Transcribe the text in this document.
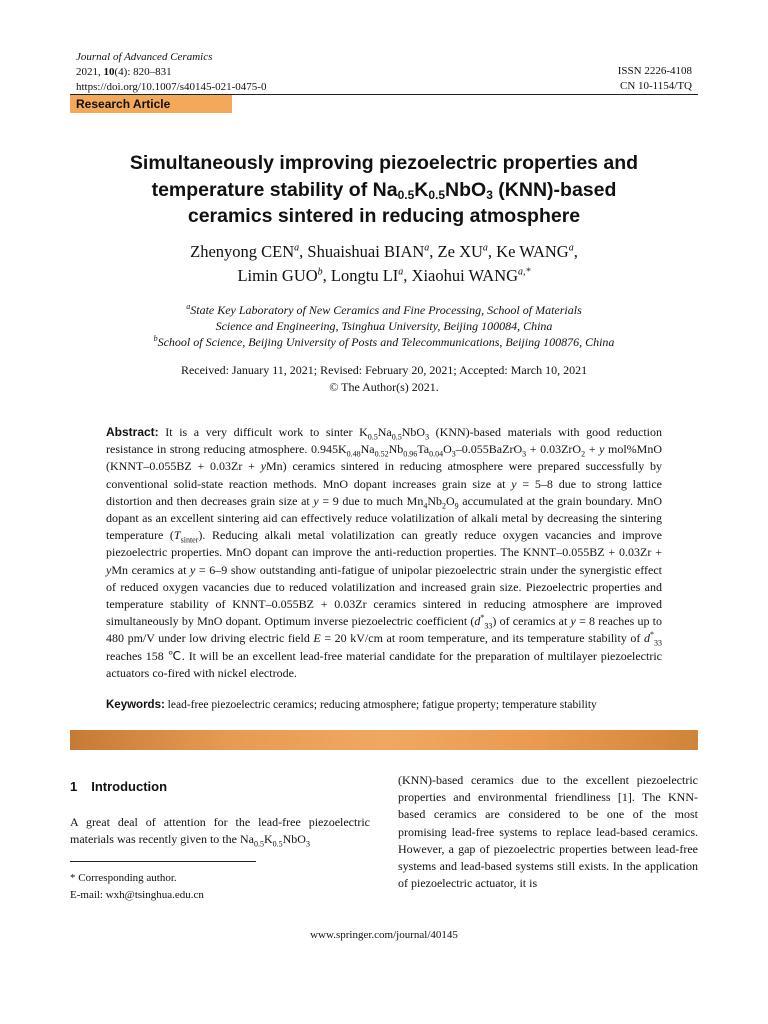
Journal of Advanced Ceramics
2021, 10(4): 820–831
https://doi.org/10.1007/s40145-021-0475-0
ISSN 2226-4108
CN 10-1154/TQ
Research Article
Simultaneously improving piezoelectric properties and
temperature stability of $Na_{0.5}K_{0.5}NbO_3$ (KNN)-based
ceramics sintered in reducing atmosphere
Zhenyong CEN$^a$, Shuaishuai BIAN$^a$, Ze $XU^a$, Ke WANG$^a$,
Limin GUO$^b$, Longtu $LI^a$, Xiaohui $WANG^{a,*}$
$^a$State Key Laboratory of New Ceramics and Fine Processing, School of Materials
Science and Engineering, Tsinghua University, Beijing 100084, China
$^b$School of Science, Beijing University of Posts and Telecommunications, Beijing 100876, China
Received: January 11, 2021; Revised: February 20, 2021; Accepted: March 10, 2021
© The Author(s) 2021.
Abstract: It is a very difficult work to sinter $K_{0.5}Na_{0.5}NbO_3$ (KNN)-based materials with good reduction resistance in strong reducing atmosphere. $0.945K_{0.48}Na_{0.52}Nb_{0.96}Ta_{0.04}O_3-0.055BaZrO_3 + 0.03ZrO_2 + y$ mol%MnO (KNNT–0.055BZ + 0.03Zr + yMn) ceramics sintered in reducing atmosphere were prepared successfully by conventional solid-state reaction methods. MnO dopant increases grain size at y = 5–8 due to strong lattice distortion and then decreases grain size at y = 9 due to much $Mn_4Nb_2O_9$ accumulated at the grain boundary. MnO dopant as an excellent sintering aid can effectively reduce volatilization of alkali metal by decreasing the sintering temperature $(T_{sinter})$. Reducing alkali metal volatilization can greatly reduce oxygen vacancies and improve piezoelectric properties. MnO dopant can improve the anti-reduction properties. The KNNT–0.055BZ + 0.03Zr + yMn ceramics at y = 6–9 show outstanding anti-fatigue of unipolar piezoelectric strain under the synergistic effect of reduced oxygen vacancies due to reduced volatilization and increased grain size. Piezoelectric properties and temperature stability of KNNT–0.055BZ + 0.03Zr ceramics sintered in reducing atmosphere are improved simultaneously by MnO dopant. Optimum inverse piezoelectric coefficient $(d^*_{33})$ of ceramics at y = 8 reaches up to 480 pm/V under low driving electric field E = 20 kV/cm at room temperature, and its temperature stability of $d^*_{33}$ reaches 158 ℃. It will be an excellent lead-free material candidate for the preparation of multilayer piezoelectric actuators co-fired with nickel electrode.
Keywords: lead-free piezoelectric ceramics; reducing atmosphere; fatigue property; temperature stability
1 Introduction
A great deal of attention for the lead-free piezoelectric materials was recently given to the $Na_{0.5}K_{0.5}NbO_3$
* Corresponding author.
E-mail: wxh@tsinghua.edu.cn
(KNN)-based ceramics due to the excellent piezoelectric properties and environmental friendliness [1]. The KNN-based ceramics are considered to be one of the most promising lead-free systems to replace lead-based ceramics. However, a gap of piezoelectric properties between lead-free systems and lead-based systems still exists. In the application of piezoelectric actuator, it is
www.springer.com/journal/40145
